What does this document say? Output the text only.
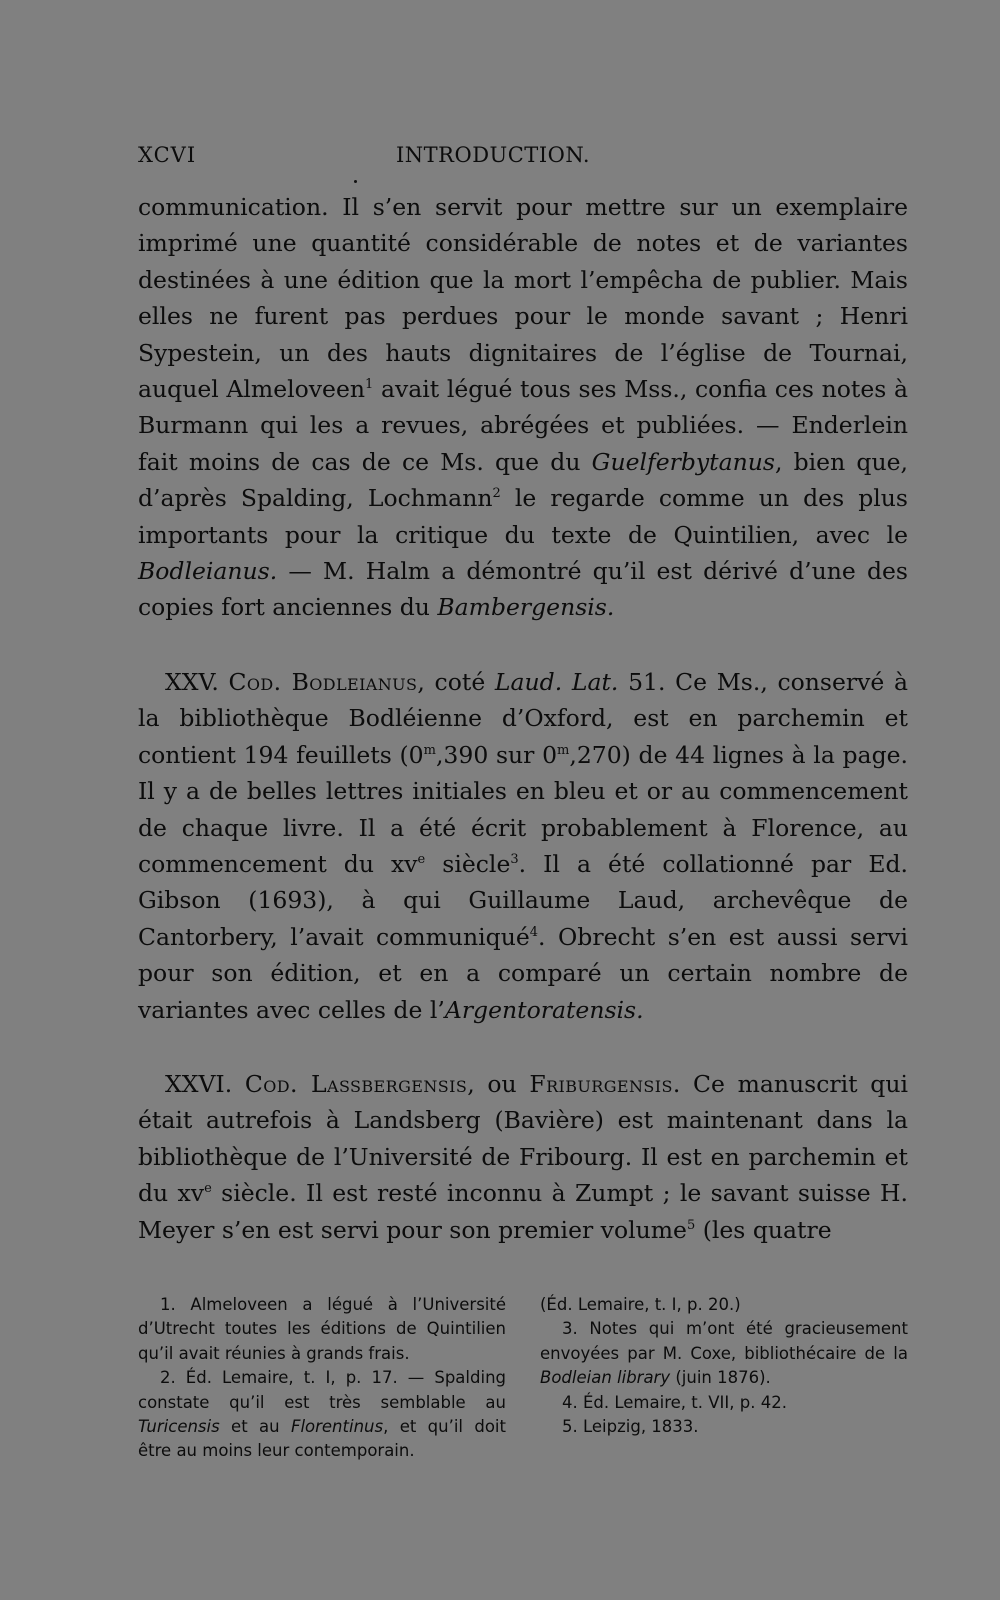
XCVI	INTRODUCTION.

communication. Il s’en servit pour mettre sur un exemplaire imprimé une quantité considérable de notes et de variantes destinées à une édition que la mort l’empêcha de publier. Mais elles ne furent pas perdues pour le monde savant ; Henri Sypestein, un des hauts dignitaires de l’église de Tournai, auquel Almeloveen$^1$ avait légué tous ses Mss., confia ces notes à Burmann qui les a revues, abrégées et publiées. — Enderlein fait moins de cas de ce Ms. que du Guelferbytanus, bien que, d’après Spalding, Lochmann$^2$ le regarde comme un des plus importants pour la critique du texte de Quintilien, avec le Bodleianus. — M. Halm a démontré qu’il est dérivé d’une des copies fort anciennes du Bambergensis.

XXV. Cod. Bodleianus, coté Laud. Lat. 51. Ce Ms., conservé à la bibliothèque Bodléienne d’Oxford, est en parchemin et contient 194 feuillets (0$^m$,390 sur 0$^m$,270) de 44 lignes à la page. Il y a de belles lettres initiales en bleu et or au commencement de chaque livre. Il a été écrit probablement à Florence, au commencement du $xv^e$ siècle$^3$. Il a été collationné par Ed. Gibson (1693), à qui Guillaume Laud, archevêque de Cantorbery, l’avait communiqué$^4$. Obrecht s’en est aussi servi pour son édition, et en a comparé un certain nombre de variantes avec celles de l’Argentoratensis.

XXVI. Cod. Lassbergensis, ou Friburgensis. Ce manuscrit qui était autrefois à Landsberg (Bavière) est maintenant dans la bibliothèque de l’Université de Fribourg. Il est en parchemin et du $xv^e$ siècle. Il est resté inconnu à Zumpt ; le savant suisse H. Meyer s’en est servi pour son premier volume$^5$ (les quatre

1. Almeloveen a légué à l’Université d’Utrecht toutes les éditions de Quintilien qu’il avait réunies à grands frais.

2. Éd. Lemaire, t. I, p. 17. — Spalding constate qu’il est très semblable au Turicensis et au Florentinus, et qu’il doit être au moins leur contemporain.

(Éd. Lemaire, t. I, p. 20.)

3. Notes qui m’ont été gracieusement envoyées par M. Coxe, bibliothécaire de la Bodleian library (juin 1876).

4. Éd. Lemaire, t. VII, p. 42.

5. Leipzig, 1833.
